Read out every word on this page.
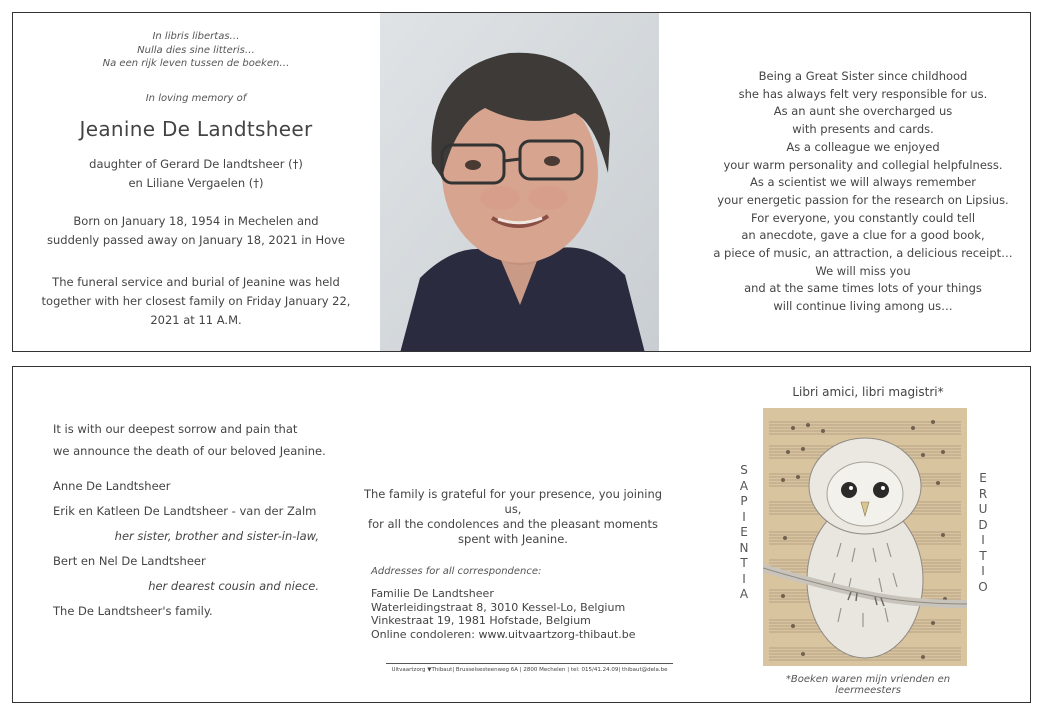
In libris libertas…
Nulla dies sine litteris…
Na een rijk leven tussen de boeken…
In loving memory of
Jeanine De Landtsheer
daughter of Gerard De landtsheer (†)
en Liliane Vergaelen (†)
Born on January 18, 1954 in Mechelen and
suddenly passed away on January 18, 2021 in Hove
The funeral service and burial of Jeanine was held
together with her closest family on Friday January 22,
2021 at 11 A.M.
Being a Great Sister since childhood
she has always felt very responsible for us.
As an aunt she overcharged us
with presents and cards.
As a colleague we enjoyed
your warm personality and collegial helpfulness.
As a scientist we will always remember
your energetic passion for the research on Lipsius.
For everyone, you constantly could tell
an anecdote, gave a clue for a good book,
a piece of music, an attraction, a delicious receipt…
We will miss you
and at the same times lots of your things
will continue living among us…
It is with our deepest sorrow and pain that
we announce the death of our beloved Jeanine.
Anne De Landtsheer
Erik en Katleen De Landtsheer - van der Zalm
her sister, brother and sister-in-law,
Bert en Nel De Landtsheer
her dearest cousin and niece.
The De Landtsheer's family.
The family is grateful for your presence, you joining us,
for all the condolences and the pleasant moments
spent with Jeanine.
Addresses for all correspondence:
Familie De Landtsheer
Waterleidingstraat 8, 3010 Kessel-Lo, Belgium
Vinkestraat 19, 1981 Hofstade, Belgium
Online condoleren: www.uitvaartzorg-thibaut.be
Uitvaartzorg ▼Thibaut| Brusselsesteenweg 6A | 2800 Mechelen | tel: 015/41.24.09| thibaut@dela.be
Libri amici, libri magistri*
S
A
P
I
E
N
T
I
A
E
R
U
D
I
T
I
O
*Boeken waren mijn vrienden en leermeesters
